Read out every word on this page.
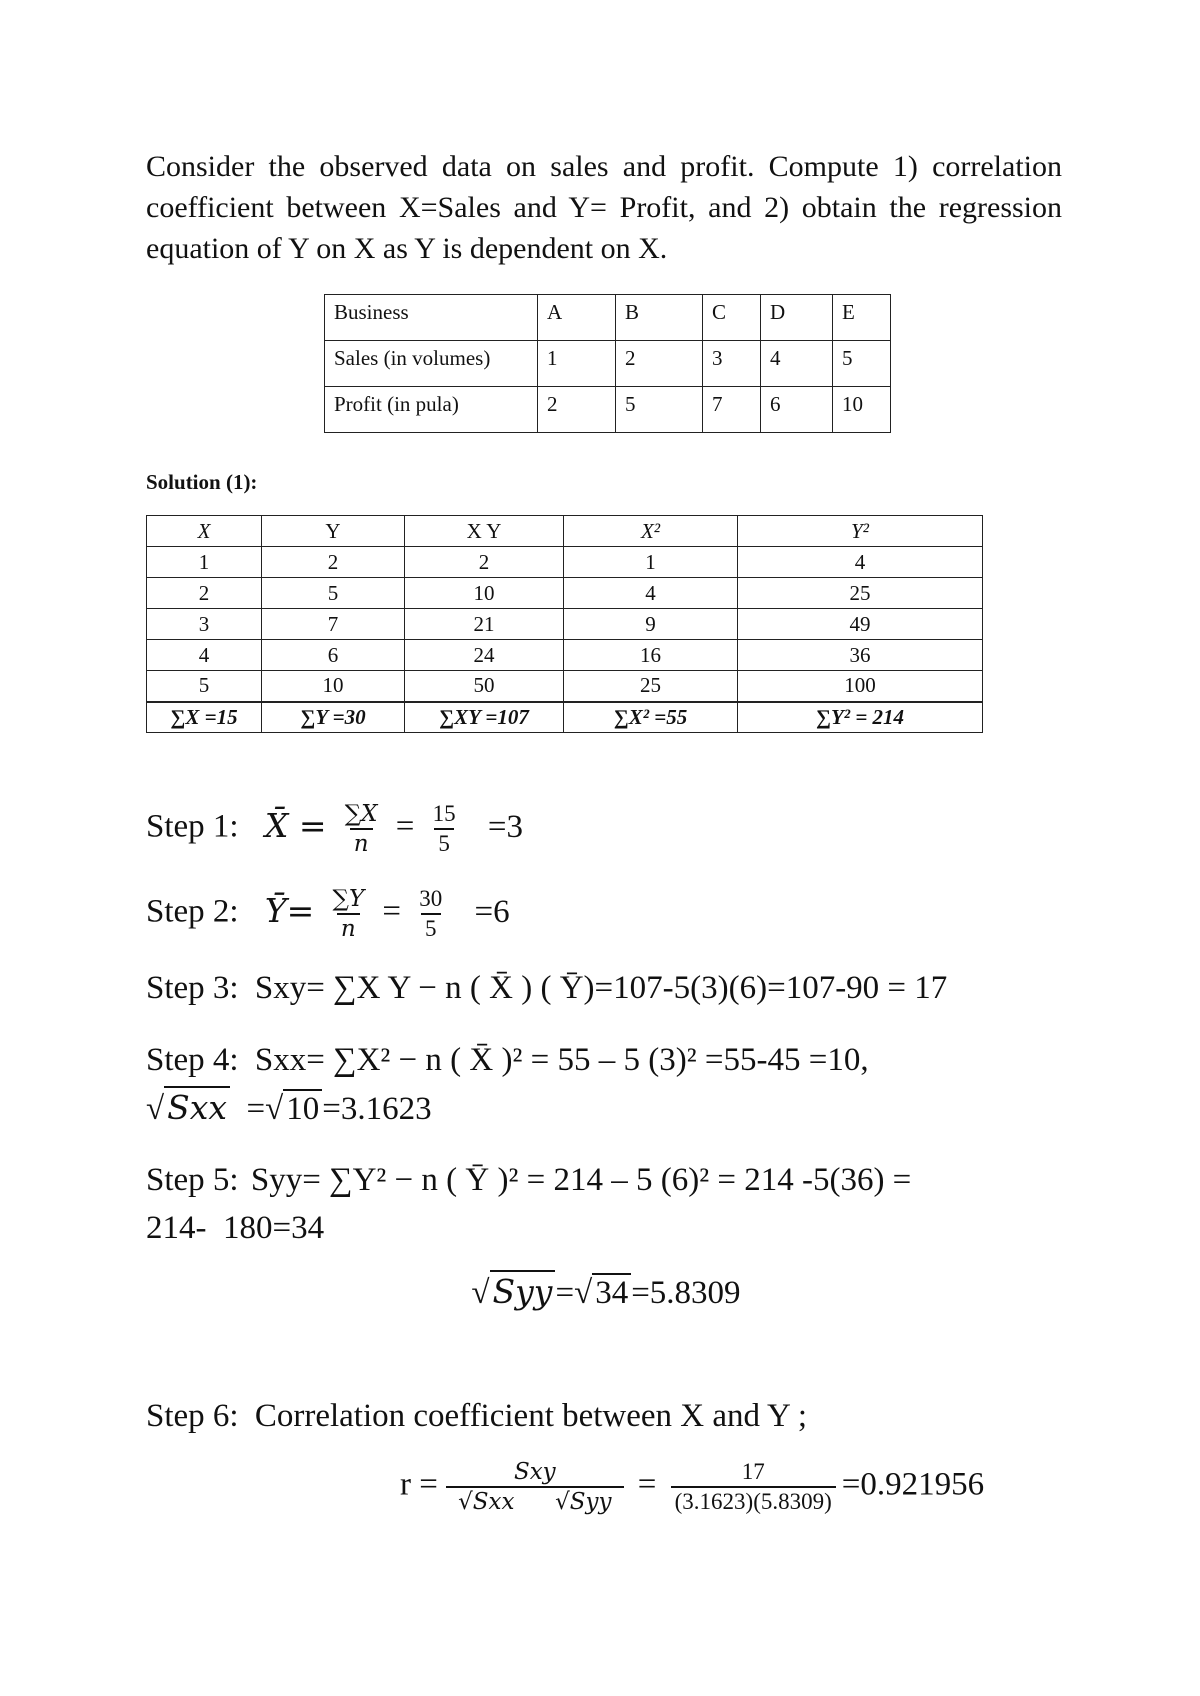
Consider the observed data on sales and profit. Compute 1) correlation coefficient between X=Sales and Y= Profit, and 2) obtain the regression equation of Y on X as Y is dependent on X.

Business	A	B	C	D	E
Sales (in volumes)	1	2	3	4	5
Profit (in pula)	2	5	7	6	10

Solution (1):

X	Y	X Y	X²	Y²
1	2	2	1	4
2	5	10	4	25
3	7	21	9	49
4	6	24	16	36
5	10	50	25	100
∑X =15	∑Y =30	∑XY =107	∑X² =55	∑Y² = 214
Step 1: X̄ = $\frac{\sum X}{n} = \frac{15}{5} =3$
Step 2: Ȳ= $\frac{\sum Y}{n} = \frac{30}{5} =6$
Step 3: Sxy= ∑X Y − n ( X̄ ) ( Ȳ)=107-5(3)(6)=107-90 = 17
Step 4: Sxx= ∑X² − n ( X̄ )² = 55 – 5 (3)² =55-45 =10,
√Sxx  =√10=3.1623
Step 5: Syy= ∑Y² − n ( Ȳ )² = 214 – 5 (6)² = 214 -5(36) =
214-  180=34
√Syy=√34=5.8309
Step 6: Correlation coefficient between X and Y ;
$r = \frac{\text{Sxy}}{\text{√Sxx √Syy}} = \frac{17}{(3.1623)(5.8309)} =0.921956$
